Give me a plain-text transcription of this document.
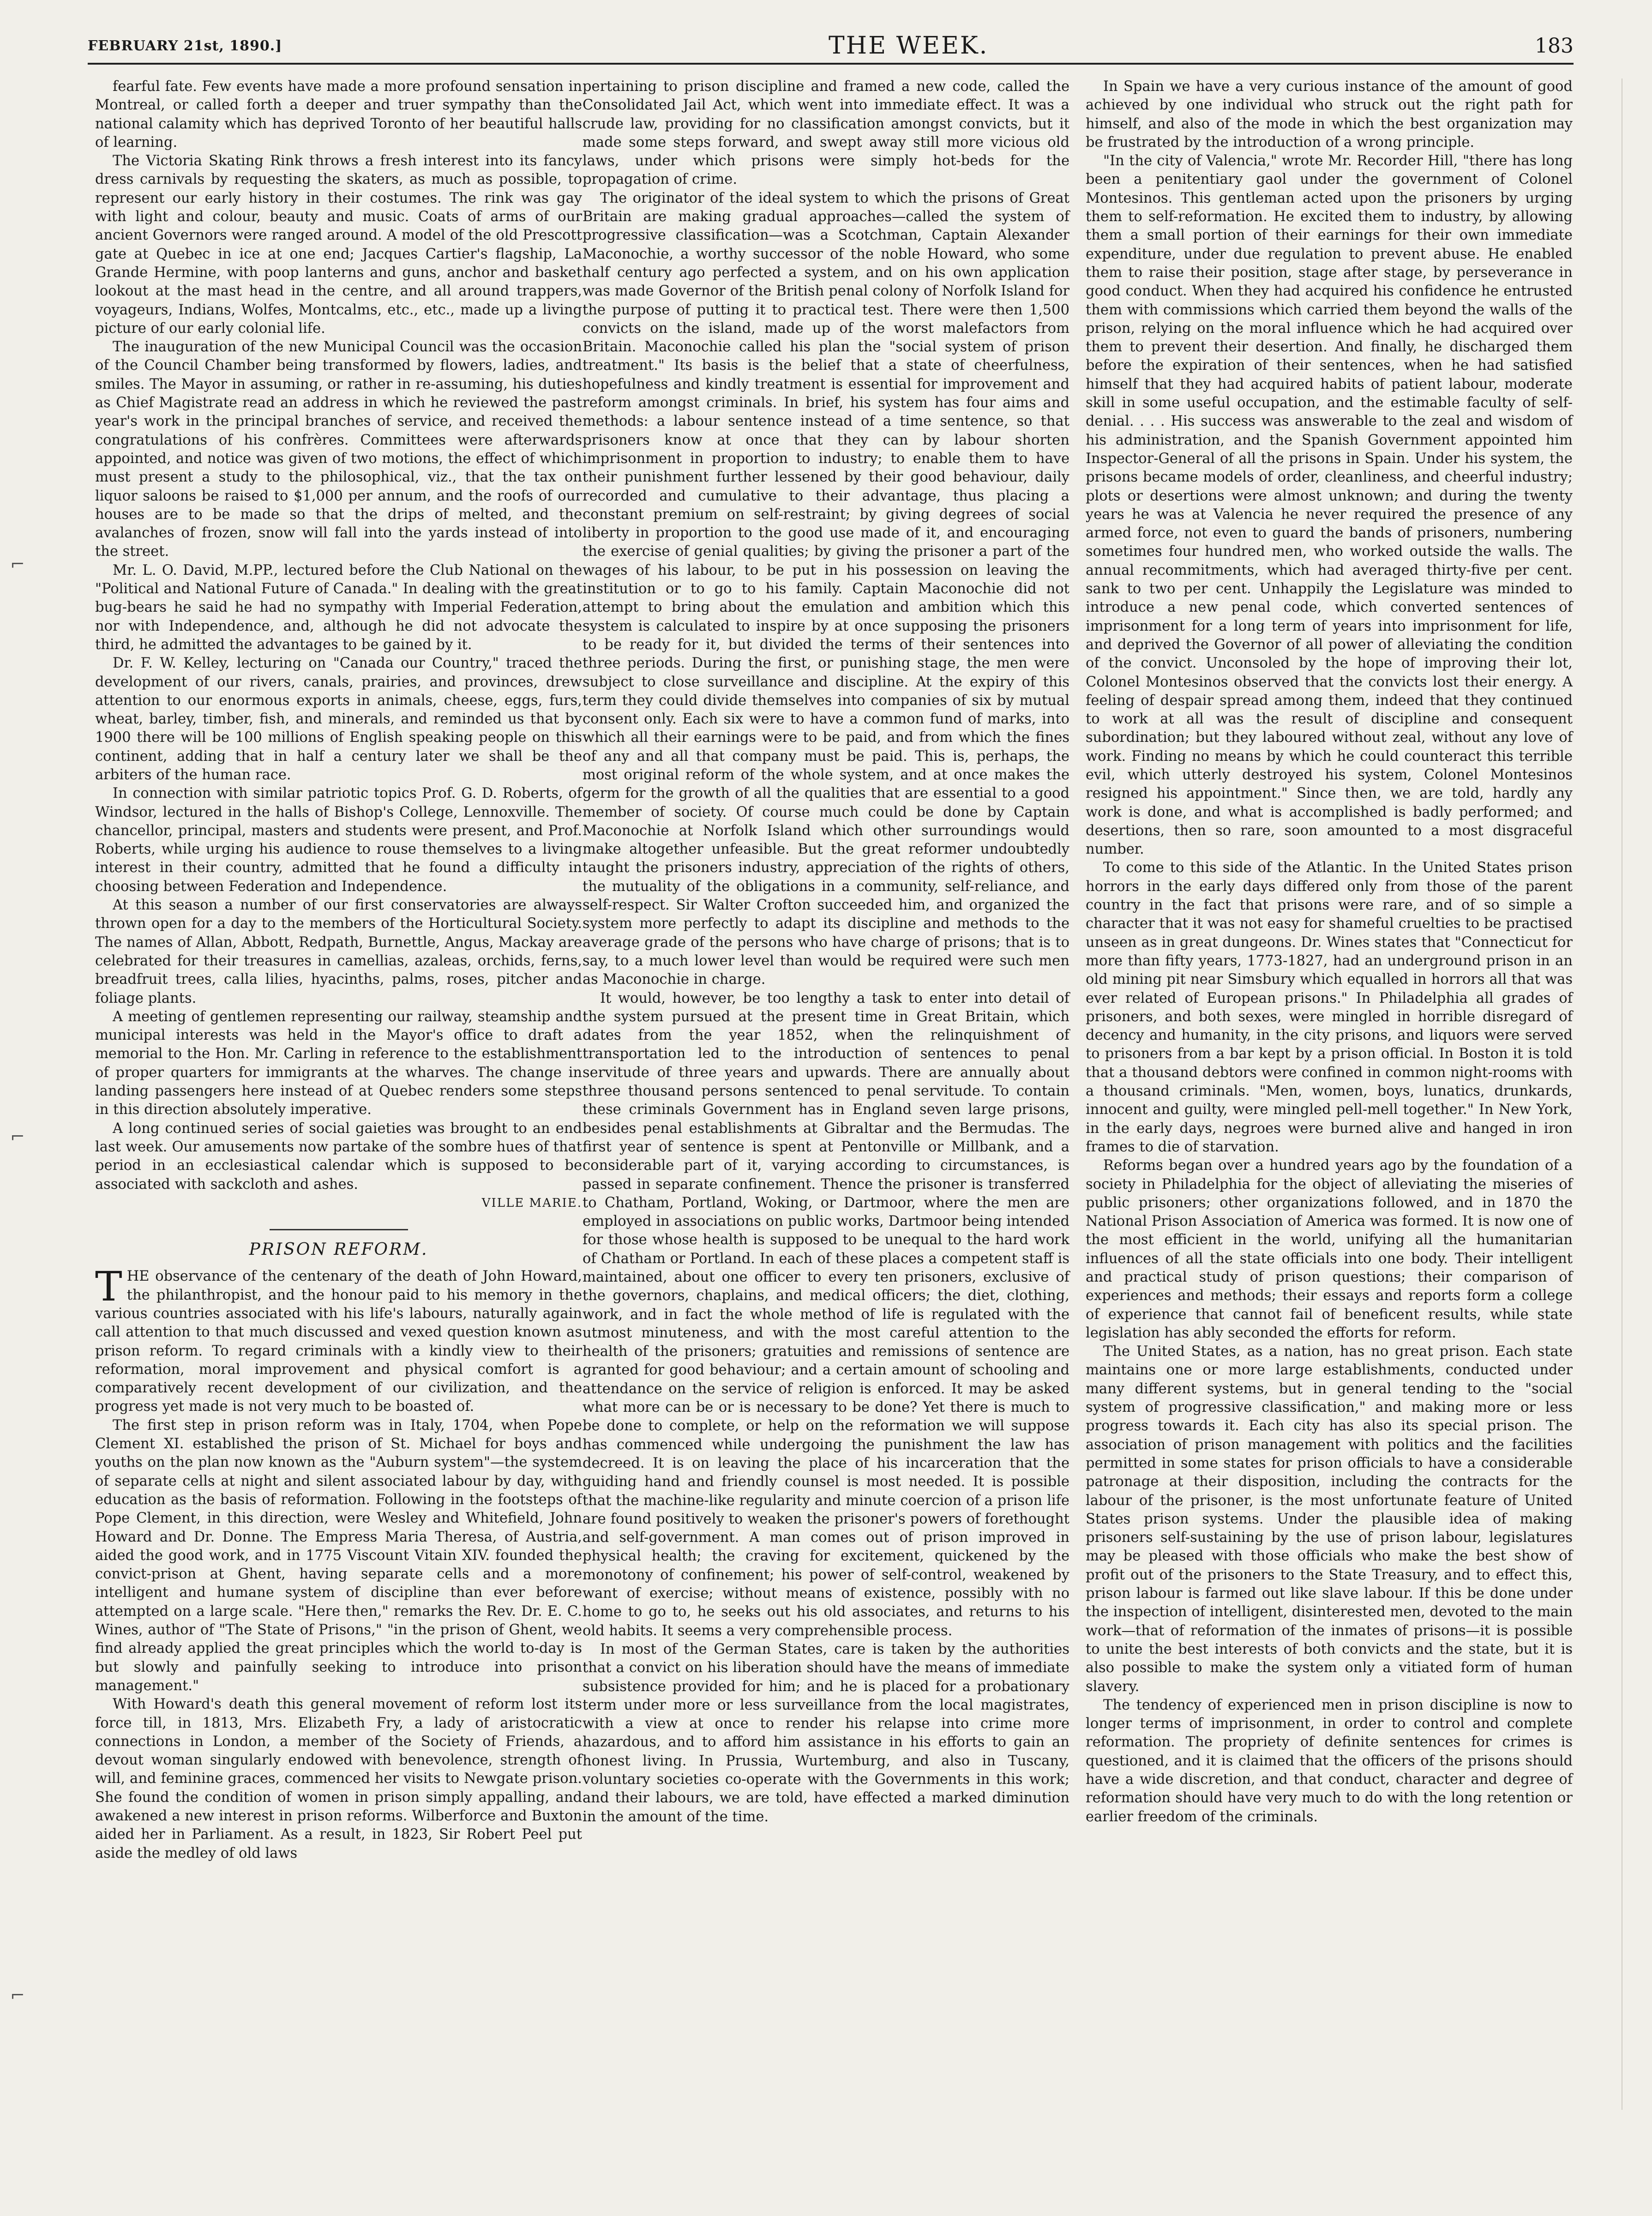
FEBRUARY 21st, 1890.]	THE WEEK.	183
⌐
⌐
⌐

fearful fate. Few events have made a more profound sensation in Montreal, or called forth a deeper and truer sympathy than the national calamity which has deprived Toronto of her beautiful halls of learning.

The Victoria Skating Rink throws a fresh interest into its fancy dress carnivals by requesting the skaters, as much as possible, to represent our early history in their costumes. The rink was gay with light and colour, beauty and music. Coats of arms of our ancient Governors were ranged around. A model of the old Prescott gate at Quebec in ice at one end; Jacques Cartier's flagship, La Grande Hermine, with poop lanterns and guns, anchor and basket lookout at the mast head in the centre, and all around trappers, voyageurs, Indians, Wolfes, Montcalms, etc., etc., made up a living picture of our early colonial life.

The inauguration of the new Municipal Council was the occasion of the Council Chamber being transformed by flowers, ladies, and smiles. The Mayor in assuming, or rather in re-assuming, his duties as Chief Magistrate read an address in which he reviewed the past year's work in the principal branches of service, and received the congratulations of his confrères. Committees were afterwards appointed, and notice was given of two motions, the effect of which must present a study to the philosophical, viz., that the tax on liquor saloons be raised to $1,000 per annum, and the roofs of our houses are to be made so that the drips of melted, and the avalanches of frozen, snow will fall into the yards instead of into the street.

Mr. L. O. David, M.PP., lectured before the Club National on the "Political and National Future of Canada." In dealing with the great bug-bears he said he had no sympathy with Imperial Federation, nor with Independence, and, although he did not advocate the third, he admitted the advantages to be gained by it.

Dr. F. W. Kelley, lecturing on "Canada our Country," traced the development of our rivers, canals, prairies, and provinces, drew attention to our enormous exports in animals, cheese, eggs, furs, wheat, barley, timber, fish, and minerals, and reminded us that by 1900 there will be 100 millions of English speaking people on this continent, adding that in half a century later we shall be the arbiters of the human race.

In connection with similar patriotic topics Prof. G. D. Roberts, of Windsor, lectured in the halls of Bishop's College, Lennoxville. The chancellor, principal, masters and students were present, and Prof. Roberts, while urging his audience to rouse themselves to a living interest in their country, admitted that he found a difficulty in choosing between Federation and Independence.

At this season a number of our first conservatories are always thrown open for a day to the members of the Horticultural Society. The names of Allan, Abbott, Redpath, Burnettle, Angus, Mackay are celebrated for their treasures in camellias, azaleas, orchids, ferns, breadfruit trees, calla lilies, hyacinths, palms, roses, pitcher and foliage plants.

A meeting of gentlemen representing our railway, steamship and municipal interests was held in the Mayor's office to draft a memorial to the Hon. Mr. Carling in reference to the establishment of proper quarters for immigrants at the wharves. The change in landing passengers here instead of at Quebec renders some steps in this direction absolutely imperative.

A long continued series of social gaieties was brought to an end last week. Our amusements now partake of the sombre hues of that period in an ecclesiastical calendar which is supposed to be associated with sackcloth and ashes.

VILLE MARIE.
PRISON REFORM.

THE observance of the centenary of the death of John Howard, the philanthropist, and the honour paid to his memory in the various countries associated with his life's labours, naturally again call attention to that much discussed and vexed question known as prison reform. To regard criminals with a kindly view to their reformation, moral improvement and physical comfort is a comparatively recent development of our civilization, and the progress yet made is not very much to be boasted of.

The first step in prison reform was in Italy, 1704, when Pope Clement XI. established the prison of St. Michael for boys and youths on the plan now known as the "Auburn system"—the system of separate cells at night and silent associated labour by day, with education as the basis of reformation. Following in the footsteps of Pope Clement, in this direction, were Wesley and Whitefield, John Howard and Dr. Donne. The Empress Maria Theresa, of Austria, aided the good work, and in 1775 Viscount Vitain XIV. founded the convict-prison at Ghent, having separate cells and a more intelligent and humane system of discipline than ever before attempted on a large scale. "Here then," remarks the Rev. Dr. E. C. Wines, author of "The State of Prisons," "in the prison of Ghent, we find already applied the great principles which the world to-day is but slowly and painfully seeking to introduce into prison management."

With Howard's death this general movement of reform lost its force till, in 1813, Mrs. Elizabeth Fry, a lady of aristocratic connections in London, a member of the Society of Friends, a devout woman singularly endowed with benevolence, strength of will, and feminine graces, commenced her visits to Newgate prison. She found the condition of women in prison simply appalling, and awakened a new interest in prison reforms. Wilberforce and Buxton aided her in Parliament. As a result, in 1823, Sir Robert Peel put aside the medley of old laws

pertaining to prison discipline and framed a new code, called the Consolidated Jail Act, which went into immediate effect. It was a crude law, providing for no classification amongst convicts, but it made some steps forward, and swept away still more vicious old laws, under which prisons were simply hot-beds for the propagation of crime.

The originator of the ideal system to which the prisons of Great Britain are making gradual approaches—called the system of progressive classification—was a Scotchman, Captain Alexander Maconochie, a worthy successor of the noble Howard, who some half century ago perfected a system, and on his own application was made Governor of the British penal colony of Norfolk Island for the purpose of putting it to practical test. There were then 1,500 convicts on the island, made up of the worst malefactors from Britain. Maconochie called his plan the "social system of prison treatment." Its basis is the belief that a state of cheerfulness, hopefulness and kindly treatment is essential for improvement and reform amongst criminals. In brief, his system has four aims and methods: a labour sentence instead of a time sentence, so that prisoners know at once that they can by labour shorten imprisonment in proportion to industry; to enable them to have their punishment further lessened by their good behaviour, daily recorded and cumulative to their advantage, thus placing a constant premium on self-restraint; by giving degrees of social liberty in proportion to the good use made of it, and encouraging the exercise of genial qualities; by giving the prisoner a part of the wages of his labour, to be put in his possession on leaving the institution or to go to his family. Captain Maconochie did not attempt to bring about the emulation and ambition which this system is calculated to inspire by at once supposing the prisoners to be ready for it, but divided the terms of their sentences into three periods. During the first, or punishing stage, the men were subject to close surveillance and discipline. At the expiry of this term they could divide themselves into companies of six by mutual consent only. Each six were to have a common fund of marks, into which all their earnings were to be paid, and from which the fines of any and all that company must be paid. This is, perhaps, the most original reform of the whole system, and at once makes the germ for the growth of all the qualities that are essential to a good member of society. Of course much could be done by Captain Maconochie at Norfolk Island which other surroundings would make altogether unfeasible. But the great reformer undoubtedly taught the prisoners industry, appreciation of the rights of others, the mutuality of the obligations in a community, self-reliance, and self-respect. Sir Walter Crofton succeeded him, and organized the system more perfectly to adapt its discipline and methods to the average grade of the persons who have charge of prisons; that is to say, to a much lower level than would be required were such men as Maconochie in charge.

It would, however, be too lengthy a task to enter into detail of the system pursued at the present time in Great Britain, which dates from the year 1852, when the relinquishment of transportation led to the introduction of sentences to penal servitude of three years and upwards. There are annually about three thousand persons sentenced to penal servitude. To contain these criminals Government has in England seven large prisons, besides penal establishments at Gibraltar and the Bermudas. The first year of sentence is spent at Pentonville or Millbank, and a considerable part of it, varying according to circumstances, is passed in separate confinement. Thence the prisoner is transferred to Chatham, Portland, Woking, or Dartmoor, where the men are employed in associations on public works, Dartmoor being intended for those whose health is supposed to be unequal to the hard work of Chatham or Portland. In each of these places a competent staff is maintained, about one officer to every ten prisoners, exclusive of the governors, chaplains, and medical officers; the diet, clothing, work, and in fact the whole method of life is regulated with the utmost minuteness, and with the most careful attention to the health of the prisoners; gratuities and remissions of sentence are granted for good behaviour; and a certain amount of schooling and attendance on the service of religion is enforced. It may be asked what more can be or is necessary to be done? Yet there is much to be done to complete, or help on the reformation we will suppose has commenced while undergoing the punishment the law has decreed. It is on leaving the place of his incarceration that the guiding hand and friendly counsel is most needed. It is possible that the machine-like regularity and minute coercion of a prison life are found positively to weaken the prisoner's powers of forethought and self-government. A man comes out of prison improved in physical health; the craving for excitement, quickened by the monotony of confinement; his power of self-control, weakened by want of exercise; without means of existence, possibly with no home to go to, he seeks out his old associates, and returns to his old habits. It seems a very comprehensible process.

In most of the German States, care is taken by the authorities that a convict on his liberation should have the means of immediate subsistence provided for him; and he is placed for a probationary term under more or less surveillance from the local magistrates, with a view at once to render his relapse into crime more hazardous, and to afford him assistance in his efforts to gain an honest living. In Prussia, Wurtemburg, and also in Tuscany, voluntary societies co-operate with the Governments in this work; and their labours, we are told, have effected a marked diminution in the amount of the time.

In Spain we have a very curious instance of the amount of good achieved by one individual who struck out the right path for himself, and also of the mode in which the best organization may be frustrated by the introduction of a wrong principle.

"In the city of Valencia," wrote Mr. Recorder Hill, "there has long been a penitentiary gaol under the government of Colonel Montesinos. This gentleman acted upon the prisoners by urging them to self-reformation. He excited them to industry, by allowing them a small portion of their earnings for their own immediate expenditure, under due regulation to prevent abuse. He enabled them to raise their position, stage after stage, by perseverance in good conduct. When they had acquired his confidence he entrusted them with commissions which carried them beyond the walls of the prison, relying on the moral influence which he had acquired over them to prevent their desertion. And finally, he discharged them before the expiration of their sentences, when he had satisfied himself that they had acquired habits of patient labour, moderate skill in some useful occupation, and the estimable faculty of self-denial. . . . His success was answerable to the zeal and wisdom of his administration, and the Spanish Government appointed him Inspector-General of all the prisons in Spain. Under his system, the prisons became models of order, cleanliness, and cheerful industry; plots or desertions were almost unknown; and during the twenty years he was at Valencia he never required the presence of any armed force, not even to guard the bands of prisoners, numbering sometimes four hundred men, who worked outside the walls. The annual recommitments, which had averaged thirty-five per cent. sank to two per cent. Unhappily the Legislature was minded to introduce a new penal code, which converted sentences of imprisonment for a long term of years into imprisonment for life, and deprived the Governor of all power of alleviating the condition of the convict. Unconsoled by the hope of improving their lot, Colonel Montesinos observed that the convicts lost their energy. A feeling of despair spread among them, indeed that they continued to work at all was the result of discipline and consequent subordination; but they laboured without zeal, without any love of work. Finding no means by which he could counteract this terrible evil, which utterly destroyed his system, Colonel Montesinos resigned his appointment." Since then, we are told, hardly any work is done, and what is accomplished is badly performed; and desertions, then so rare, soon amounted to a most disgraceful number.

To come to this side of the Atlantic. In the United States prison horrors in the early days differed only from those of the parent country in the fact that prisons were rare, and of so simple a character that it was not easy for shameful cruelties to be practised unseen as in great dungeons. Dr. Wines states that "Connecticut for more than fifty years, 1773-1827, had an underground prison in an old mining pit near Simsbury which equalled in horrors all that was ever related of European prisons." In Philadelphia all grades of prisoners, and both sexes, were mingled in horrible disregard of decency and humanity, in the city prisons, and liquors were served to prisoners from a bar kept by a prison official. In Boston it is told that a thousand debtors were confined in common night-rooms with a thousand criminals. "Men, women, boys, lunatics, drunkards, innocent and guilty, were mingled pell-mell together." In New York, in the early days, negroes were burned alive and hanged in iron frames to die of starvation.

Reforms began over a hundred years ago by the foundation of a society in Philadelphia for the object of alleviating the miseries of public prisoners; other organizations followed, and in 1870 the National Prison Association of America was formed. It is now one of the most efficient in the world, unifying all the humanitarian influences of all the state officials into one body. Their intelligent and practical study of prison questions; their comparison of experiences and methods; their essays and reports form a college of experience that cannot fail of beneficent results, while state legislation has ably seconded the efforts for reform.

The United States, as a nation, has no great prison. Each state maintains one or more large establishments, conducted under many different systems, but in general tending to the "social system of progressive classification," and making more or less progress towards it. Each city has also its special prison. The association of prison management with politics and the facilities permitted in some states for prison officials to have a considerable patronage at their disposition, including the contracts for the labour of the prisoner, is the most unfortunate feature of United States prison systems. Under the plausible idea of making prisoners self-sustaining by the use of prison labour, legislatures may be pleased with those officials who make the best show of profit out of the prisoners to the State Treasury, and to effect this, prison labour is farmed out like slave labour. If this be done under the inspection of intelligent, disinterested men, devoted to the main work—that of reformation of the inmates of prisons—it is possible to unite the best interests of both convicts and the state, but it is also possible to make the system only a vitiated form of human slavery.

The tendency of experienced men in prison discipline is now to longer terms of imprisonment, in order to control and complete reformation. The propriety of definite sentences for crimes is questioned, and it is claimed that the officers of the prisons should have a wide discretion, and that conduct, character and degree of reformation should have very much to do with the long retention or earlier freedom of the criminals.
